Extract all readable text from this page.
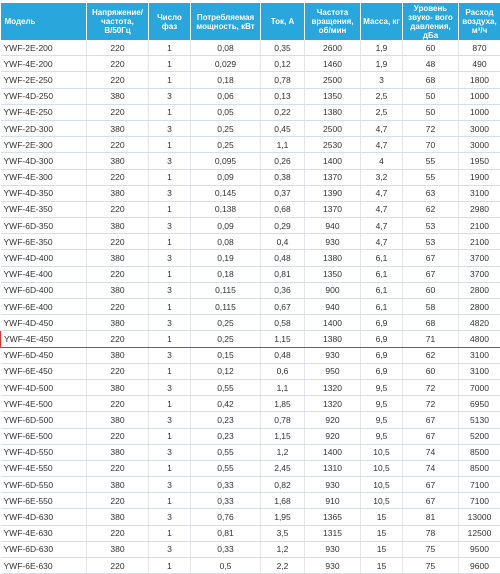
Модель	Напряжение/ частота, В/50Гц	Число фаз	Потребляемая мощность, кВт	Ток, А	Частота вращения, об/мин	Масса, кг	Уровень звуко- вого давления, дБа	Расход воздуха, м³/ч
YWF-2E-200	220	1	0,08	0,35	2600	1,9	60	870
YWF-4E-200	220	1	0,029	0,12	1460	1,9	48	490
YWF-2E-250	220	1	0,18	0,78	2500	3	68	1800
YWF-4D-250	380	3	0,06	0,13	1350	2,5	50	1000
YWF-4E-250	220	1	0,05	0,22	1380	2,5	50	1000
YWF-2D-300	380	3	0,25	0,45	2500	4,7	72	3000
YWF-2E-300	220	1	0,25	1,1	2530	4,7	70	3000
YWF-4D-300	380	3	0,095	0,26	1400	4	55	1950
YWF-4E-300	220	1	0,09	0,38	1370	3,2	55	1900
YWF-4D-350	380	3	0,145	0,37	1390	4,7	63	3100
YWF-4E-350	220	1	0,138	0,68	1370	4,7	62	2980
YWF-6D-350	380	3	0,09	0,29	940	4,7	53	2100
YWF-6E-350	220	1	0,08	0,4	930	4,7	53	2100
YWF-4D-400	380	3	0,19	0,48	1380	6,1	67	3700
YWF-4E-400	220	1	0,18	0,81	1350	6,1	67	3700
YWF-6D-400	380	3	0,115	0,36	900	6,1	60	2800
YWF-6E-400	220	1	0,115	0,67	940	6,1	58	2800
YWF-4D-450	380	3	0,25	0,58	1400	6,9	68	4820
YWF-4E-450	220	1	0,25	1,15	1380	6,9	71	4800
YWF-6D-450	380	3	0,15	0,48	930	6,9	62	3100
YWF-6E-450	220	1	0,12	0,6	950	6,9	60	3100
YWF-4D-500	380	3	0,55	1,1	1320	9,5	72	7000
YWF-4E-500	220	1	0,42	1,85	1320	9,5	72	6950
YWF-6D-500	380	3	0,23	0,78	920	9,5	67	5130
YWF-6E-500	220	1	0,23	1,15	920	9,5	67	5200
YWF-4D-550	380	3	0,55	1,2	1400	10,5	74	8500
YWF-4E-550	220	1	0,55	2,45	1310	10,5	74	8500
YWF-6D-550	380	3	0,33	0,82	930	10,5	67	7100
YWF-6E-550	220	1	0,33	1,68	910	10,5	67	7100
YWF-4D-630	380	3	0,76	1,95	1365	15	81	13000
YWF-4E-630	220	1	0,81	3,5	1315	15	78	12500
YWF-6D-630	380	3	0,33	1,2	930	15	75	9500
YWF-6E-630	220	1	0,5	2,2	930	15	75	9600
